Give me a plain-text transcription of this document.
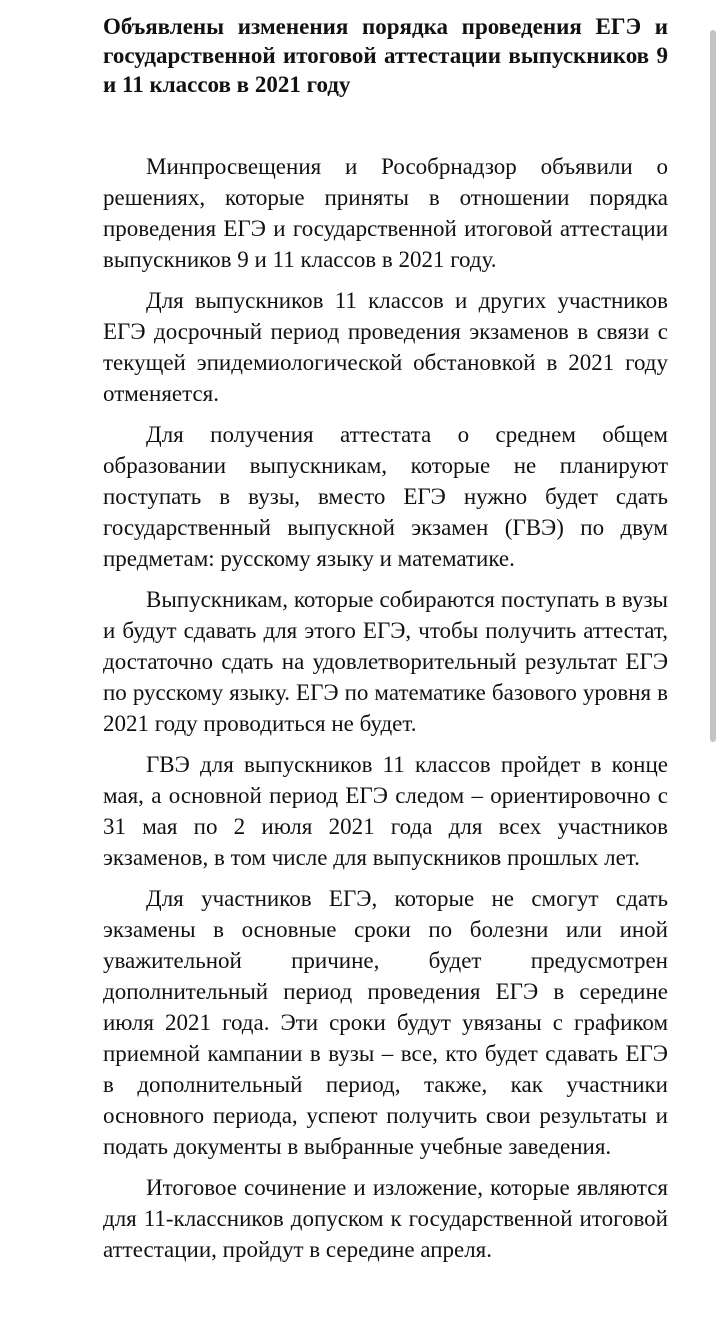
Объявлены изменения порядка проведения ЕГЭ и государственной итоговой аттестации выпускников 9 и 11 классов в 2021 году

Минпросвещения и Рособрнадзор объявили о решениях, которые приняты в отношении порядка проведения ЕГЭ и государственной итоговой аттестации выпускников 9 и 11 классов в 2021 году.

Для выпускников 11 классов и других участников ЕГЭ досрочный период проведения экзаменов в связи с текущей эпидемиологической обстановкой в 2021 году отменяется.

Для получения аттестата о среднем общем образовании выпускникам, которые не планируют поступать в вузы, вместо ЕГЭ нужно будет сдать государственный выпускной экзамен (ГВЭ) по двум предметам: русскому языку и математике.

Выпускникам, которые собираются поступать в вузы и будут сдавать для этого ЕГЭ, чтобы получить аттестат, достаточно сдать на удовлетворительный результат ЕГЭ по русскому языку. ЕГЭ по математике базового уровня в 2021 году проводиться не будет.

ГВЭ для выпускников 11 классов пройдет в конце мая, а основной период ЕГЭ следом – ориентировочно с 31 мая по 2 июля 2021 года для всех участников экзаменов, в том числе для выпускников прошлых лет.

Для участников ЕГЭ, которые не смогут сдать экзамены в основные сроки по болезни или иной уважительной причине, будет предусмотрен дополнительный период проведения ЕГЭ в середине июля 2021 года. Эти сроки будут увязаны с графиком приемной кампании в вузы – все, кто будет сдавать ЕГЭ в дополнительный период, также, как участники основного периода, успеют получить свои результаты и подать документы в выбранные учебные заведения.

Итоговое сочинение и изложение, которые являются для 11-классников допуском к государственной итоговой аттестации, пройдут в середине апреля.
